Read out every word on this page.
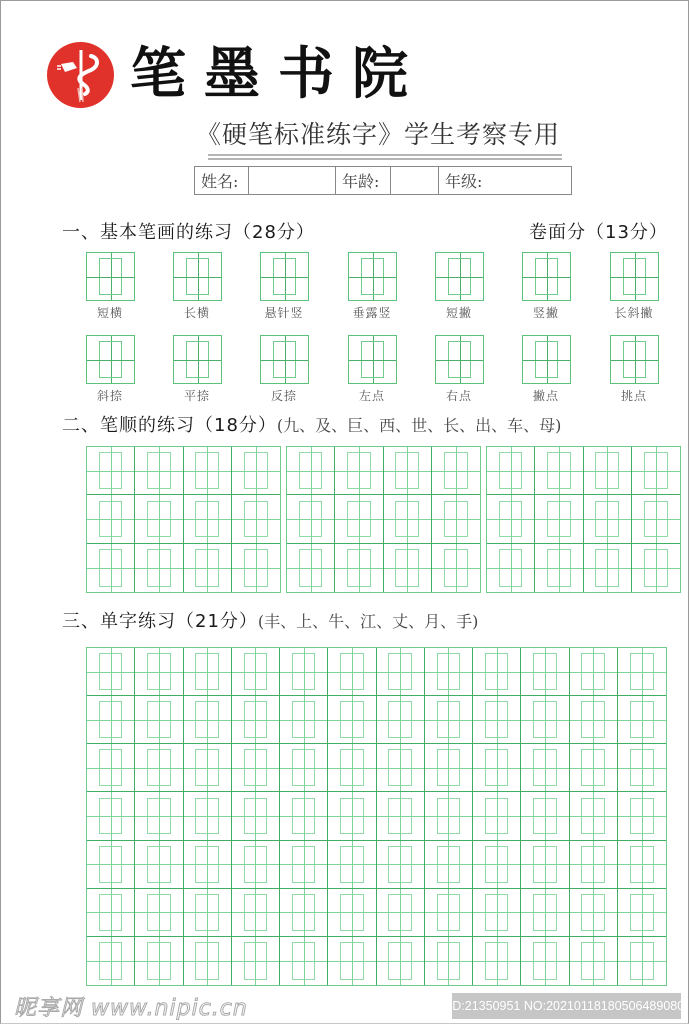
笔墨书院
《硬笔标准练字》学生考察专用
姓名:	年龄:	年级:
一、基本笔画的练习（28分）	卷面分（13分）
短横	长横	悬针竖	垂露竖	短撇	竖撇	长斜撇
斜捺	平捺	反捺	左点	右点	撇点	挑点
二、笔顺的练习（18分）(九、及、巨、西、世、长、出、车、母)
三、单字练习（21分）(丰、上、牛、江、丈、月、手)
昵享网 www.nipic.cn	ID:21350951 NO:20210118180506489080
